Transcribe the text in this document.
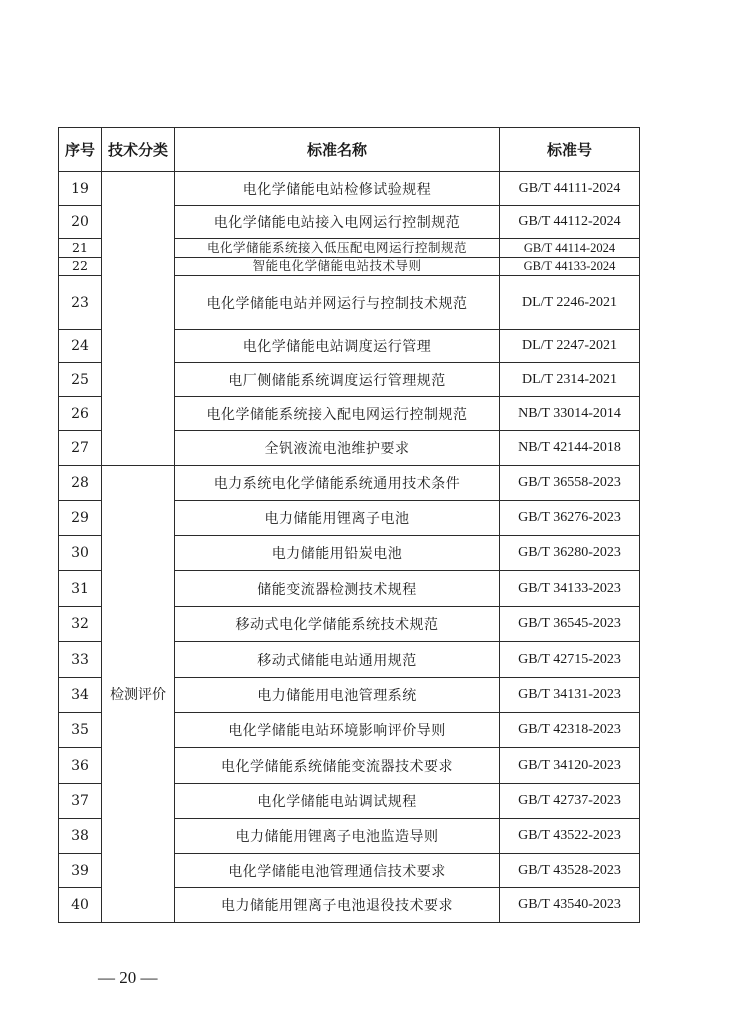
序号	技术分类	标准名称	标准号
19		电化学储能电站检修试验规程	GB/T 44111-2024
20		电化学储能电站接入电网运行控制规范	GB/T 44112-2024
21		电化学储能系统接入低压配电网运行控制规范	GB/T 44114-2024
22		智能电化学储能电站技术导则	GB/T 44133-2024
23		电化学储能电站并网运行与控制技术规范	DL/T 2246-2021
24		电化学储能电站调度运行管理	DL/T 2247-2021
25		电厂侧储能系统调度运行管理规范	DL/T 2314-2021
26		电化学储能系统接入配电网运行控制规范	NB/T 33014-2014
27		全钒液流电池维护要求	NB/T 42144-2018
28	检测评价	电力系统电化学储能系统通用技术条件	GB/T 36558-2023
29		电力储能用锂离子电池	GB/T 36276-2023
30		电力储能用铅炭电池	GB/T 36280-2023
31		储能变流器检测技术规程	GB/T 34133-2023
32		移动式电化学储能系统技术规范	GB/T 36545-2023
33		移动式储能电站通用规范	GB/T 42715-2023
34		电力储能用电池管理系统	GB/T 34131-2023
35		电化学储能电站环境影响评价导则	GB/T 42318-2023
36		电化学储能系统储能变流器技术要求	GB/T 34120-2023
37		电化学储能电站调试规程	GB/T 42737-2023
38		电力储能用锂离子电池监造导则	GB/T 43522-2023
39		电化学储能电池管理通信技术要求	GB/T 43528-2023
40		电力储能用锂离子电池退役技术要求	GB/T 43540-2023
— 20 —
